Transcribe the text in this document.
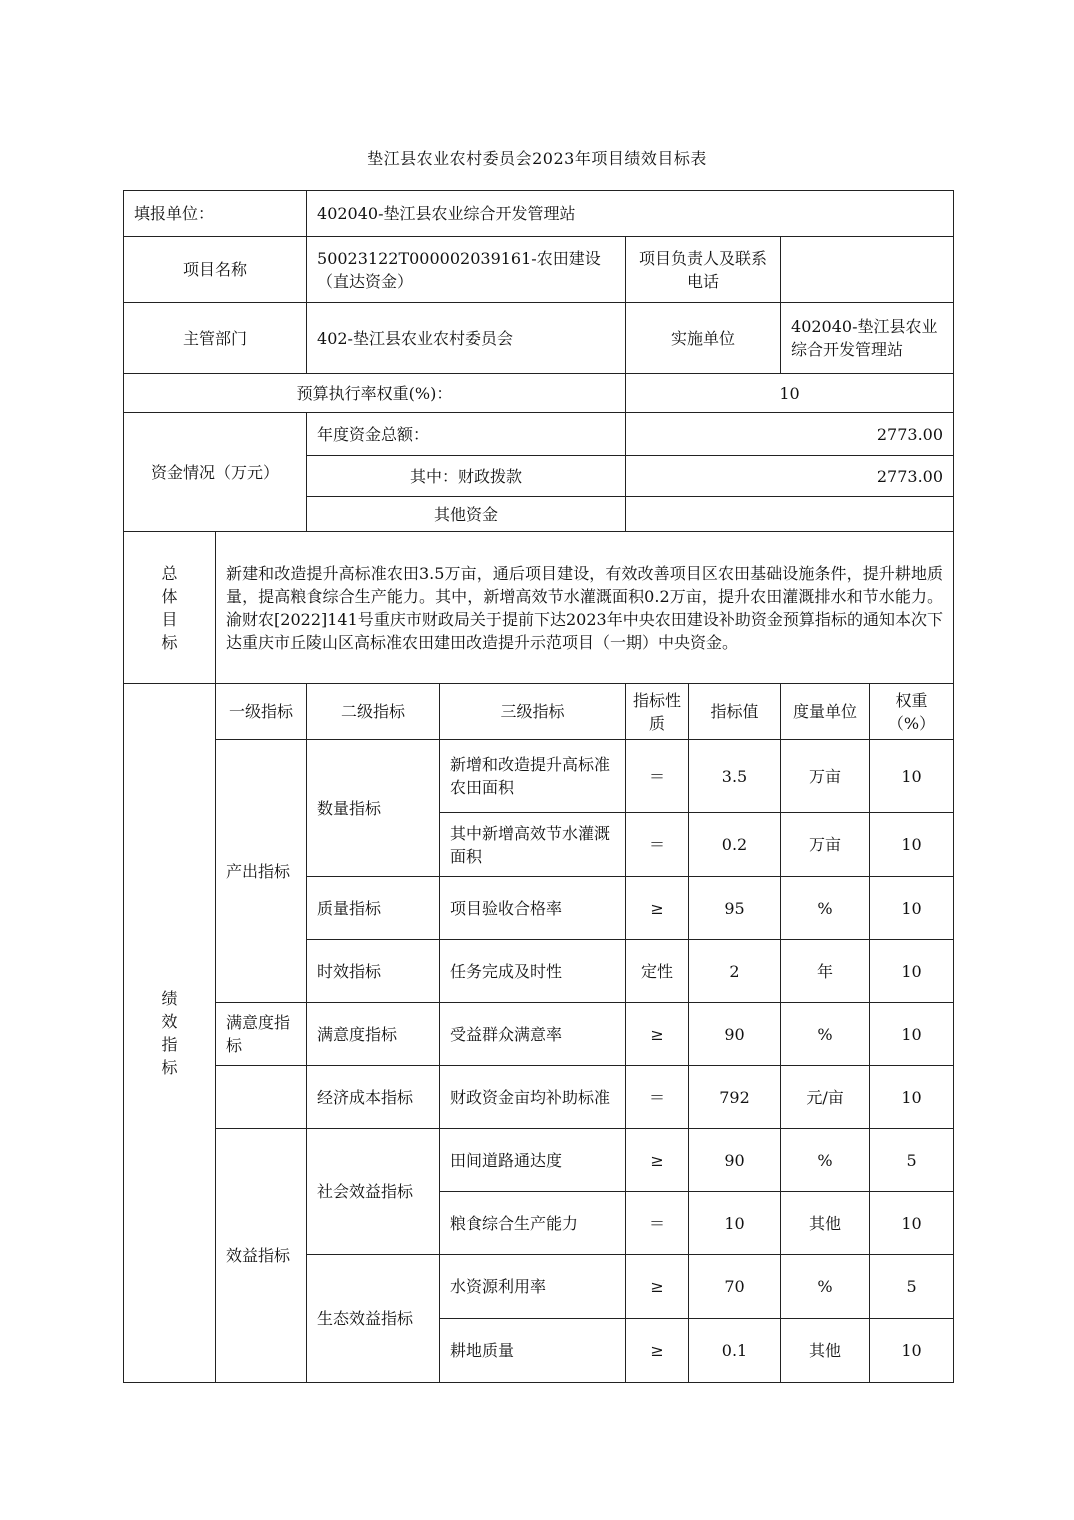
垫江县农业农村委员会2023年项目绩效目标表
填报单位：		402040-垫江县农业综合开发管理站					
项目名称		50023122T000002039161-农田建设（直达资金）		项目负责人及联系电话			
主管部门		402-垫江县农业农村委员会		实施单位		402040-垫江县农业综合开发管理站	
预算执行率权重(%)：				10			
资金情况（万元）		年度资金总额：		2773.00			
		其中：财政拨款		2773.00			
		其他资金					
总体目标	新建和改造提升高标准农田3.5万亩，通后项目建设，有效改善项目区农田基础设施条件，提升耕地质量，提高粮食综合生产能力。其中，新增高效节水灌溉面积0.2万亩，提升农田灌溉排水和节水能力。渝财农[2022]141号重庆市财政局关于提前下达2023年中央农田建设补助资金预算指标的通知本次下达重庆市丘陵山区高标准农田建田改造提升示范项目（一期）中央资金。						
绩效指标	一级指标	二级指标	三级指标	指标性质	指标值	度量单位	权重（%）
	产出指标	数量指标	新增和改造提升高标准农田面积	＝	3.5	万亩	10
			其中新增高效节水灌溉面积	＝	0.2	万亩	10
		质量指标	项目验收合格率	≥	95	%	10
		时效指标	任务完成及时性	定性	2	年	10
	满意度指标	满意度指标	受益群众满意率	≥	90	%	10
		经济成本指标	财政资金亩均补助标准	＝	792	元/亩	10
	效益指标	社会效益指标	田间道路通达度	≥	90	%	5
			粮食综合生产能力	＝	10	其他	10
		生态效益指标	水资源利用率	≥	70	%	5
			耕地质量	≥	0.1	其他	10
